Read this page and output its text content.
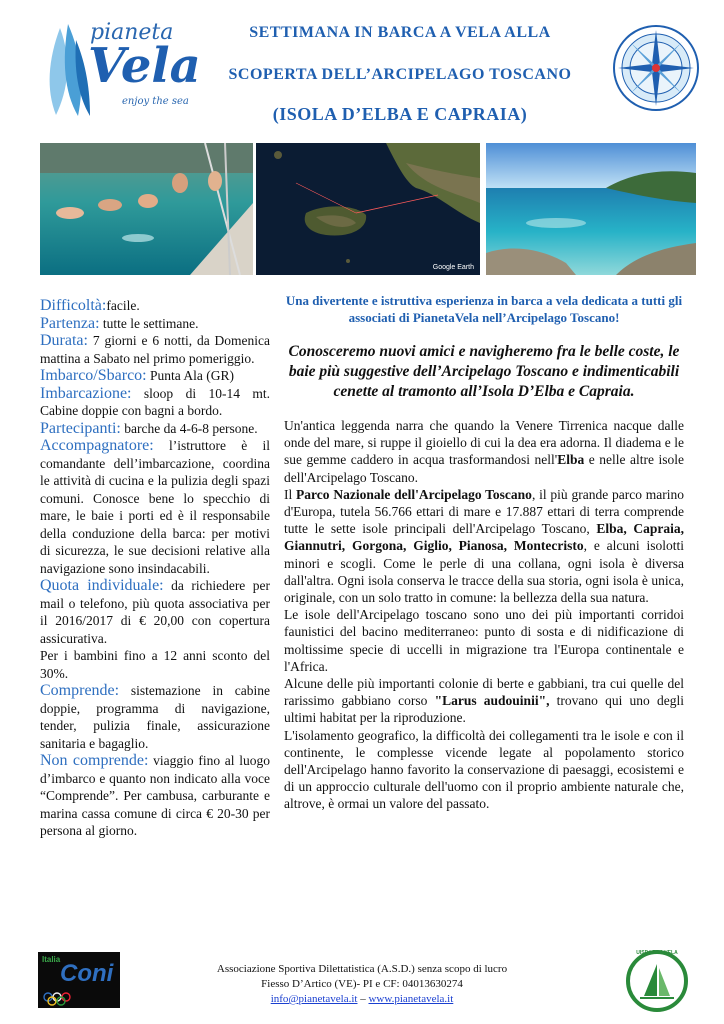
pianeta
Vela
enjoy the sea
SETTIMANA IN BARCA A VELA ALLA
SCOPERTA DELL’ARCIPELAGO TOSCANO
(ISOLA D’ELBA E CAPRAIA)
Google Earth

Difficoltà:facile.

Partenza: tutte le settimane.

Durata: 7 giorni e 6 notti, da Domenica mattina a Sabato nel primo pomeriggio.

Imbarco/Sbarco: Punta Ala (GR)

Imbarcazione: sloop di 10-14 mt. Cabine doppie con bagni a bordo.

Partecipanti: barche da 4-6-8 persone.

Accompagnatore: l’istruttore è il comandante dell’imbarcazione, coordina le attività di cucina e la pulizia degli spazi comuni. Conosce bene lo specchio di mare, le baie i porti ed è il responsabile della conduzione della barca: per motivi di sicurezza, le sue decisioni relative alla navigazione sono insindacabili.

Quota individuale: da richiedere per mail o telefono, più quota associativa per il 2016/2017 di € 20,00 con copertura assicurativa.

Per i bambini fino a 12 anni sconto del 30%.

Comprende: sistemazione in cabine doppie, programma di navigazione, tender, pulizia finale, assicurazione sanitaria e bagaglio.

Non comprende: viaggio fino al luogo d’imbarco e quanto non indicato alla voce “Comprende”. Per cambusa, carburante e marina cassa comune di circa € 20-30 per persona al giorno.

Una divertente e istruttiva esperienza in barca a vela dedicata a tutti gli associati di PianetaVela nell’Arcipelago Toscano!

Conosceremo nuovi amici e navigheremo fra le belle coste, le baie più suggestive dell’Arcipelago Toscano e indimenticabili cenette al tramonto all’Isola D’Elba e Capraia.

Un'antica leggenda narra che quando la Venere Tirrenica nacque dalle onde del mare, si ruppe il gioiello di cui la dea era adorna. Il diadema e le sue gemme caddero in acqua trasformandosi nell'Elba e nelle altre isole dell'Arcipelago Toscano.

Il Parco Nazionale dell'Arcipelago Toscano, il più grande parco marino d'Europa, tutela 56.766 ettari di mare e 17.887 ettari di terra comprende tutte le sette isole principali dell'Arcipelago Toscano, Elba, Capraia, Giannutri, Gorgona, Giglio, Pianosa, Montecristo, e alcuni isolotti minori e scogli. Come le perle di una collana, ogni isola è diversa dall'altra. Ogni isola conserva le tracce della sua storia, ogni isola è unica, originale, con un solo tratto in comune: la bellezza della sua natura.

Le isole dell'Arcipelago toscano sono uno dei più importanti corridoi faunistici del bacino mediterraneo: punto di sosta e di nidificazione di moltissime specie di uccelli in migrazione tra l'Europa continentale e l'Africa.

Alcune delle più importanti colonie di berte e gabbiani, tra cui quelle del rarissimo gabbiano corso "Larus audouinii", trovano qui uno degli ultimi habitat per la riproduzione.

L'isolamento geografico, la difficoltà dei collegamenti tra le isole e con il continente, le complesse vicende legate al popolamento storico dell'Arcipelago hanno favorito la conservazione di paesaggi, ecosistemi e di un approccio culturale dell'uomo con il proprio ambiente naturale che, altrove, è ormai un valore del passato.

Italia
Coni	Associazione Sportiva Dilettatistica (A.S.D.) senza scopo di lucro
Fiesso D’Artico (VE)- PI e CF: 04013630274
info@pianetavela.it – www.pianetavela.it
UISP LEGA VELA
